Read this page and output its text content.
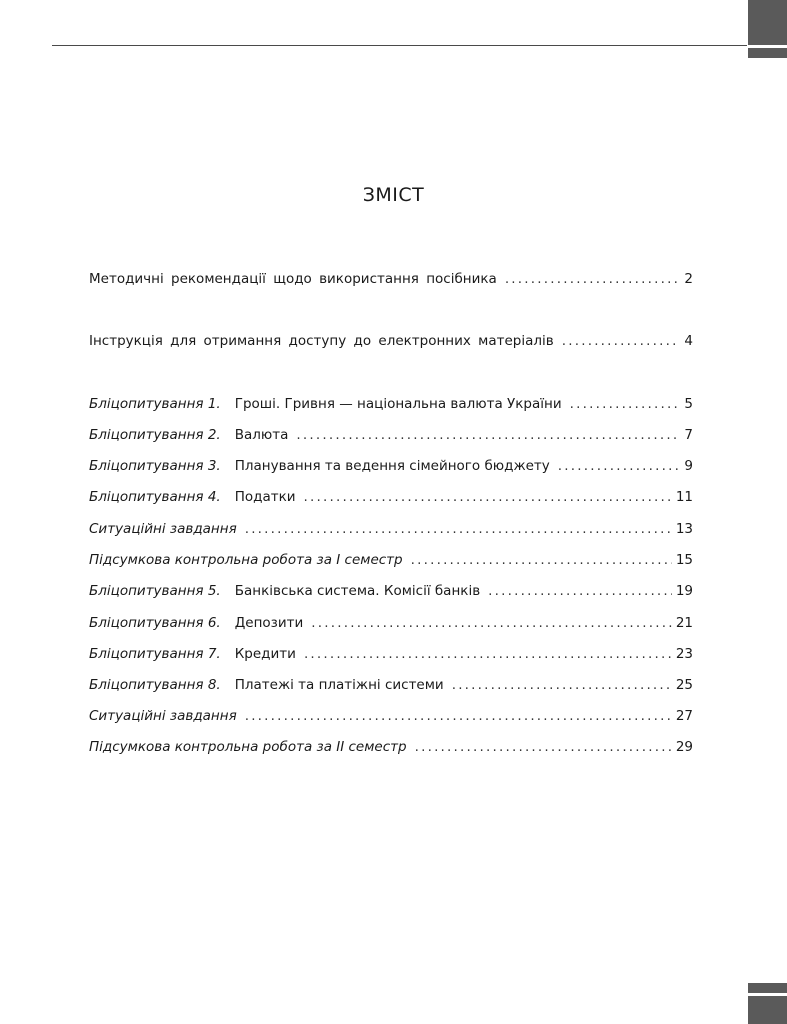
ЗМІСТ
Методичні рекомендації щодо використання посібника .....	2
Інструкція для отримання доступу до електронних матеріалів .....	4
Бліцопитування 1. Гроші. Гривня — національна валюта України .....	5
Бліцопитування 2. Валюта .....	7
Бліцопитування 3. Планування та ведення сімейного бюджету .....	9
Бліцопитування 4. Податки .....	11
Ситуаційні завдання .....	13
Підсумкова контрольна робота за І семестр .....	15
Бліцопитування 5. Банківська система. Комісії банків .....	19
Бліцопитування 6. Депозити .....	21
Бліцопитування 7. Кредити .....	23
Бліцопитування 8. Платежі та платіжні системи .....	25
Ситуаційні завдання .....	27
Підсумкова контрольна робота за ІІ семестр .....	29
